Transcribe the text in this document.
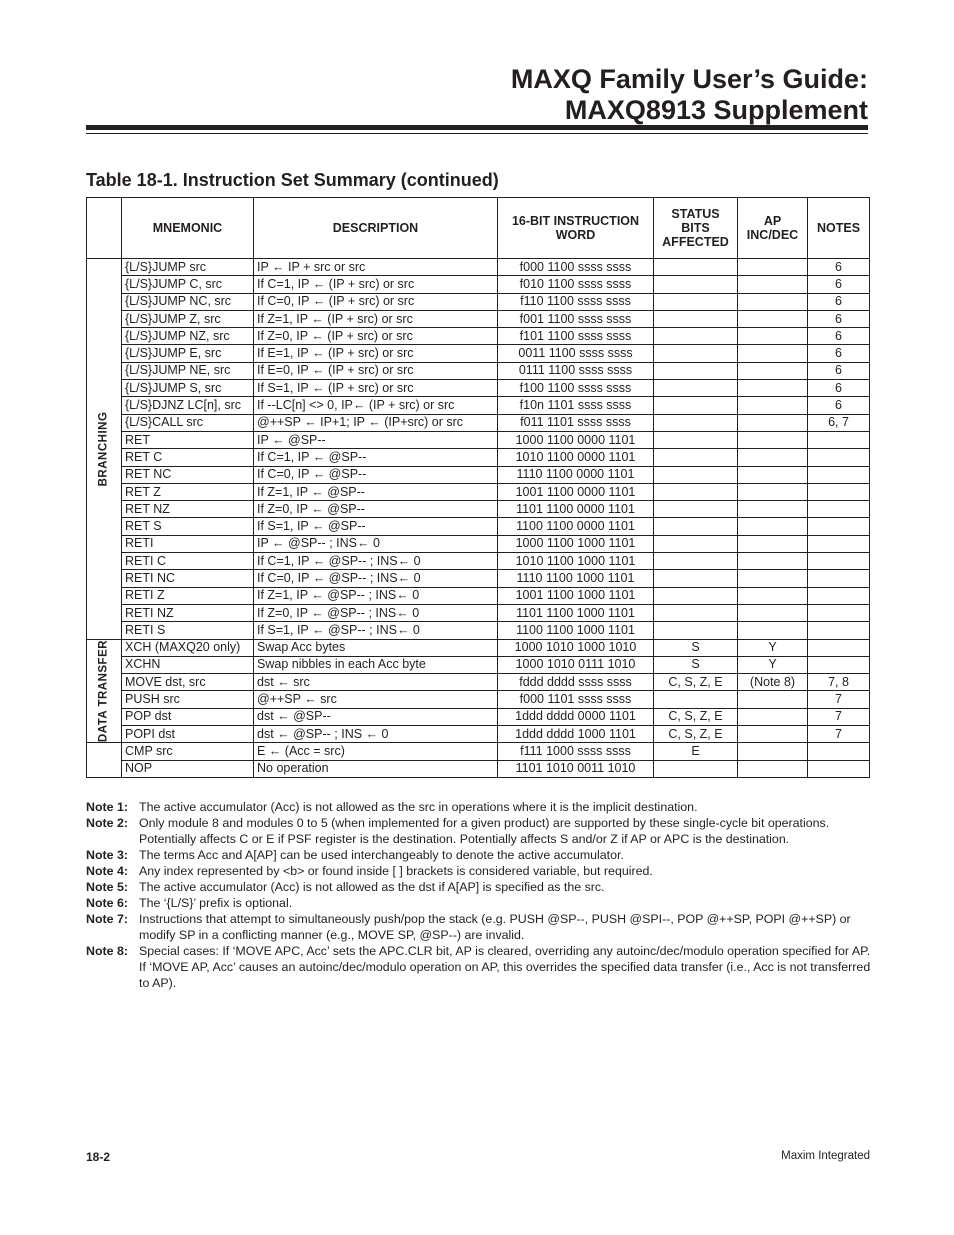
MAXQ Family User’s Guide:
MAXQ8913 Supplement
Table 18-1. Instruction Set Summary (continued)
	MNEMONIC	DESCRIPTION	16-BIT INSTRUCTION WORD	STATUS BITS AFFECTED	AP INC/DEC	NOTES

BRANCHING	{L/S}JUMP src	IP ← IP + src or src	f000 1100 ssss ssss			6
	{L/S}JUMP C, src	If C=1, IP ← (IP + src) or src	f010 1100 ssss ssss			6
	{L/S}JUMP NC, src	If C=0, IP ← (IP + src) or src	f110 1100 ssss ssss			6
	{L/S}JUMP Z, src	If Z=1, IP ← (IP + src) or src	f001 1100 ssss ssss			6
	{L/S}JUMP NZ, src	If Z=0, IP ← (IP + src) or src	f101 1100 ssss ssss			6
	{L/S}JUMP E, src	If E=1, IP ← (IP + src) or src	0011 1100 ssss ssss			6
	{L/S}JUMP NE, src	If E=0, IP ← (IP + src) or src	0111 1100 ssss ssss			6
	{L/S}JUMP S, src	If S=1, IP ← (IP + src) or src	f100 1100 ssss ssss			6
	{L/S}DJNZ LC[n], src	If --LC[n] <> 0, IP← (IP + src) or src	f10n 1101 ssss ssss			6
	{L/S}CALL src	@++SP ← IP+1; IP ← (IP+src) or src	f011 1101 ssss ssss			6, 7
	RET	IP ← @SP--	1000 1100 0000 1101			
	RET C	If C=1, IP ← @SP--	1010 1100 0000 1101			
	RET NC	If C=0, IP ← @SP--	1110 1100 0000 1101			
	RET Z	If Z=1, IP ← @SP--	1001 1100 0000 1101			
	RET NZ	If Z=0, IP ← @SP--	1101 1100 0000 1101			
	RET S	If S=1, IP ← @SP--	1100 1100 0000 1101			
	RETI	IP ← @SP-- ; INS← 0	1000 1100 1000 1101			
	RETI C	If C=1, IP ← @SP-- ; INS← 0	1010 1100 1000 1101			
	RETI NC	If C=0, IP ← @SP-- ; INS← 0	1110 1100 1000 1101			
	RETI Z	If Z=1, IP ← @SP-- ; INS← 0	1001 1100 1000 1101			
	RETI NZ	If Z=0, IP ← @SP-- ; INS← 0	1101 1100 1000 1101			
	RETI S	If S=1, IP ← @SP-- ; INS← 0	1100 1100 1000 1101			

DATA TRANSFER	XCH (MAXQ20 only)	Swap Acc bytes	1000 1010 1000 1010	S	Y	
	XCHN	Swap nibbles in each Acc byte	1000 1010 0111 1010	S	Y	
	MOVE dst, src	dst ← src	fddd dddd ssss ssss	C, S, Z, E	(Note 8)	7, 8
	PUSH src	@++SP ← src	f000 1101 ssss ssss			7
	POP dst	dst ← @SP--	1ddd dddd 0000 1101	C, S, Z, E		7
	POPI dst	dst ← @SP-- ; INS ← 0	1ddd dddd 1000 1101	C, S, Z, E		7
	CMP src	E ← (Acc = src)	f111 1000 ssss ssss	E		
	NOP	No operation	1101 1010 0011 1010			
Note 1: The active accumulator (Acc) is not allowed as the src in operations where it is the implicit destination.
Note 2: Only module 8 and modules 0 to 5 (when implemented for a given product) are supported by these single-cycle bit operations. Potentially affects C or E if PSF register is the destination. Potentially affects S and/or Z if AP or APC is the destination.
Note 3: The terms Acc and A[AP] can be used interchangeably to denote the active accumulator.
Note 4: Any index represented by <b> or found inside [ ] brackets is considered variable, but required.
Note 5: The active accumulator (Acc) is not allowed as the dst if A[AP] is specified as the src.
Note 6: The ‘{L/S}’ prefix is optional.
Note 7: Instructions that attempt to simultaneously push/pop the stack (e.g. PUSH @SP--, PUSH @SPI--, POP @++SP, POPI @++SP) or modify SP in a conflicting manner (e.g., MOVE SP, @SP--) are invalid.
Note 8: Special cases: If ‘MOVE APC, Acc’ sets the APC.CLR bit, AP is cleared, overriding any autoinc/dec/modulo operation specified for AP. If ‘MOVE AP, Acc’ causes an autoinc/dec/modulo operation on AP, this overrides the specified data transfer (i.e., Acc is not transferred to AP).
18-2	Maxim Integrated
